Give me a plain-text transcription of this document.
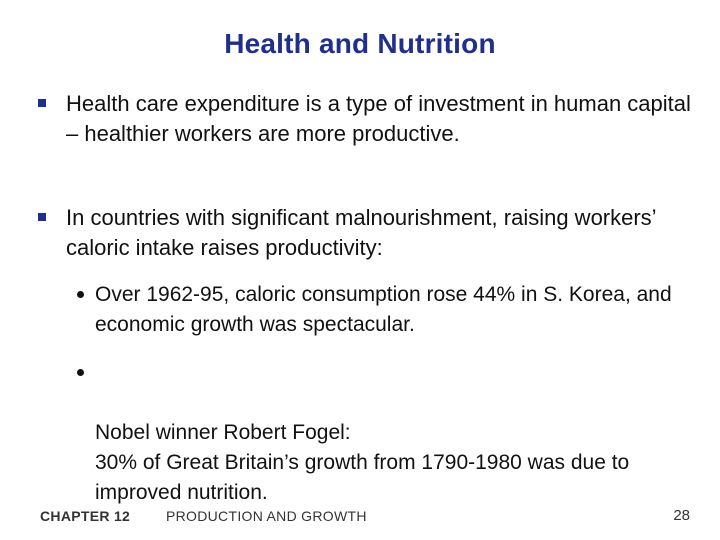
Health and Nutrition
Health care expenditure is a type of investment in human capital – healthier workers are more productive.
In countries with significant malnourishment, raising workers’ caloric intake raises productivity:
Over 1962-95, caloric consumption rose 44% in S. Korea, and economic growth was spectacular.

Nobel winner Robert Fogel:
30% of Great Britain’s growth from 1790-1980 was due to improved nutrition.

CHAPTER 12	PRODUCTION AND GROWTH	28
